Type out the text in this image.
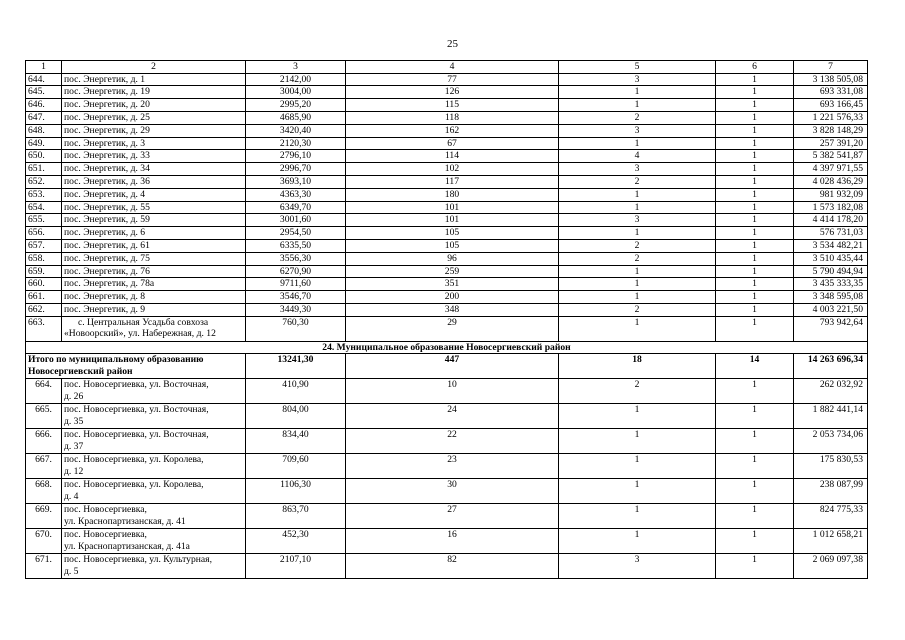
25
1	2	3	4	5	6	7
644.	пос. Энергетик, д. 1	2142,00	77	3	1	3 138 505,08
645.	пос. Энергетик, д. 19	3004,00	126	1	1	693 331,08
646.	пос. Энергетик, д. 20	2995,20	115	1	1	693 166,45
647.	пос. Энергетик, д. 25	4685,90	118	2	1	1 221 576,33
648.	пос. Энергетик, д. 29	3420,40	162	3	1	3 828 148,29
649.	пос. Энергетик, д. 3	2120,30	67	1	1	257 391,20
650.	пос. Энергетик, д. 33	2796,10	114	4	1	5 382 541,87
651.	пос. Энергетик, д. 34	2996,70	102	3	1	4 397 971,55
652.	пос. Энергетик, д. 36	3693,10	117	2	1	4 028 436,29
653.	пос. Энергетик, д. 4	4363,30	180	1	1	981 932,09
654.	пос. Энергетик, д. 55	6349,70	101	1	1	1 573 182,08
655.	пос. Энергетик, д. 59	3001,60	101	3	1	4 414 178,20
656.	пос. Энергетик, д. 6	2954,50	105	1	1	576 731,03
657.	пос. Энергетик, д. 61	6335,50	105	2	1	3 534 482,21
658.	пос. Энергетик, д. 75	3556,30	96	2	1	3 510 435,44
659.	пос. Энергетик, д. 76	6270,90	259	1	1	5 790 494,94
660.	пос. Энергетик, д. 78а	9711,60	351	1	1	3 435 333,35
661.	пос. Энергетик, д. 8	3546,70	200	1	1	3 348 595,08
662.	пос. Энергетик, д. 9	3449,30	348	2	1	4 003 221,50
663.	с. Центральная Усадьба совхоза
«Новоорский», ул. Набережная, д. 12	760,30	29	1	1	793 942,64
24. Муниципальное образование Новосергиевский район						

Итого по муниципальному образованию
Новосергиевский район		13241,30	447	18	14	14 263 696,34
664.	пос. Новосергиевка, ул. Восточная,
д. 26	410,90	10	2	1	262 032,92
665.	пос. Новосергиевка, ул. Восточная,
д. 35	804,00	24	1	1	1 882 441,14
666.	пос. Новосергиевка, ул. Восточная,
д. 37	834,40	22	1	1	2 053 734,06
667.	пос. Новосергиевка, ул. Королева,
д. 12	709,60	23	1	1	175 830,53
668.	пос. Новосергиевка, ул. Королева,
д. 4	1106,30	30	1	1	238 087,99
669.	пос. Новосергиевка,
ул. Краснопартизанская, д. 41	863,70	27	1	1	824 775,33
670.	пос. Новосергиевка,
ул. Краснопартизанская, д. 41а	452,30	16	1	1	1 012 658,21
671.	пос. Новосергиевка, ул. Культурная,
д. 5	2107,10	82	3	1	2 069 097,38
